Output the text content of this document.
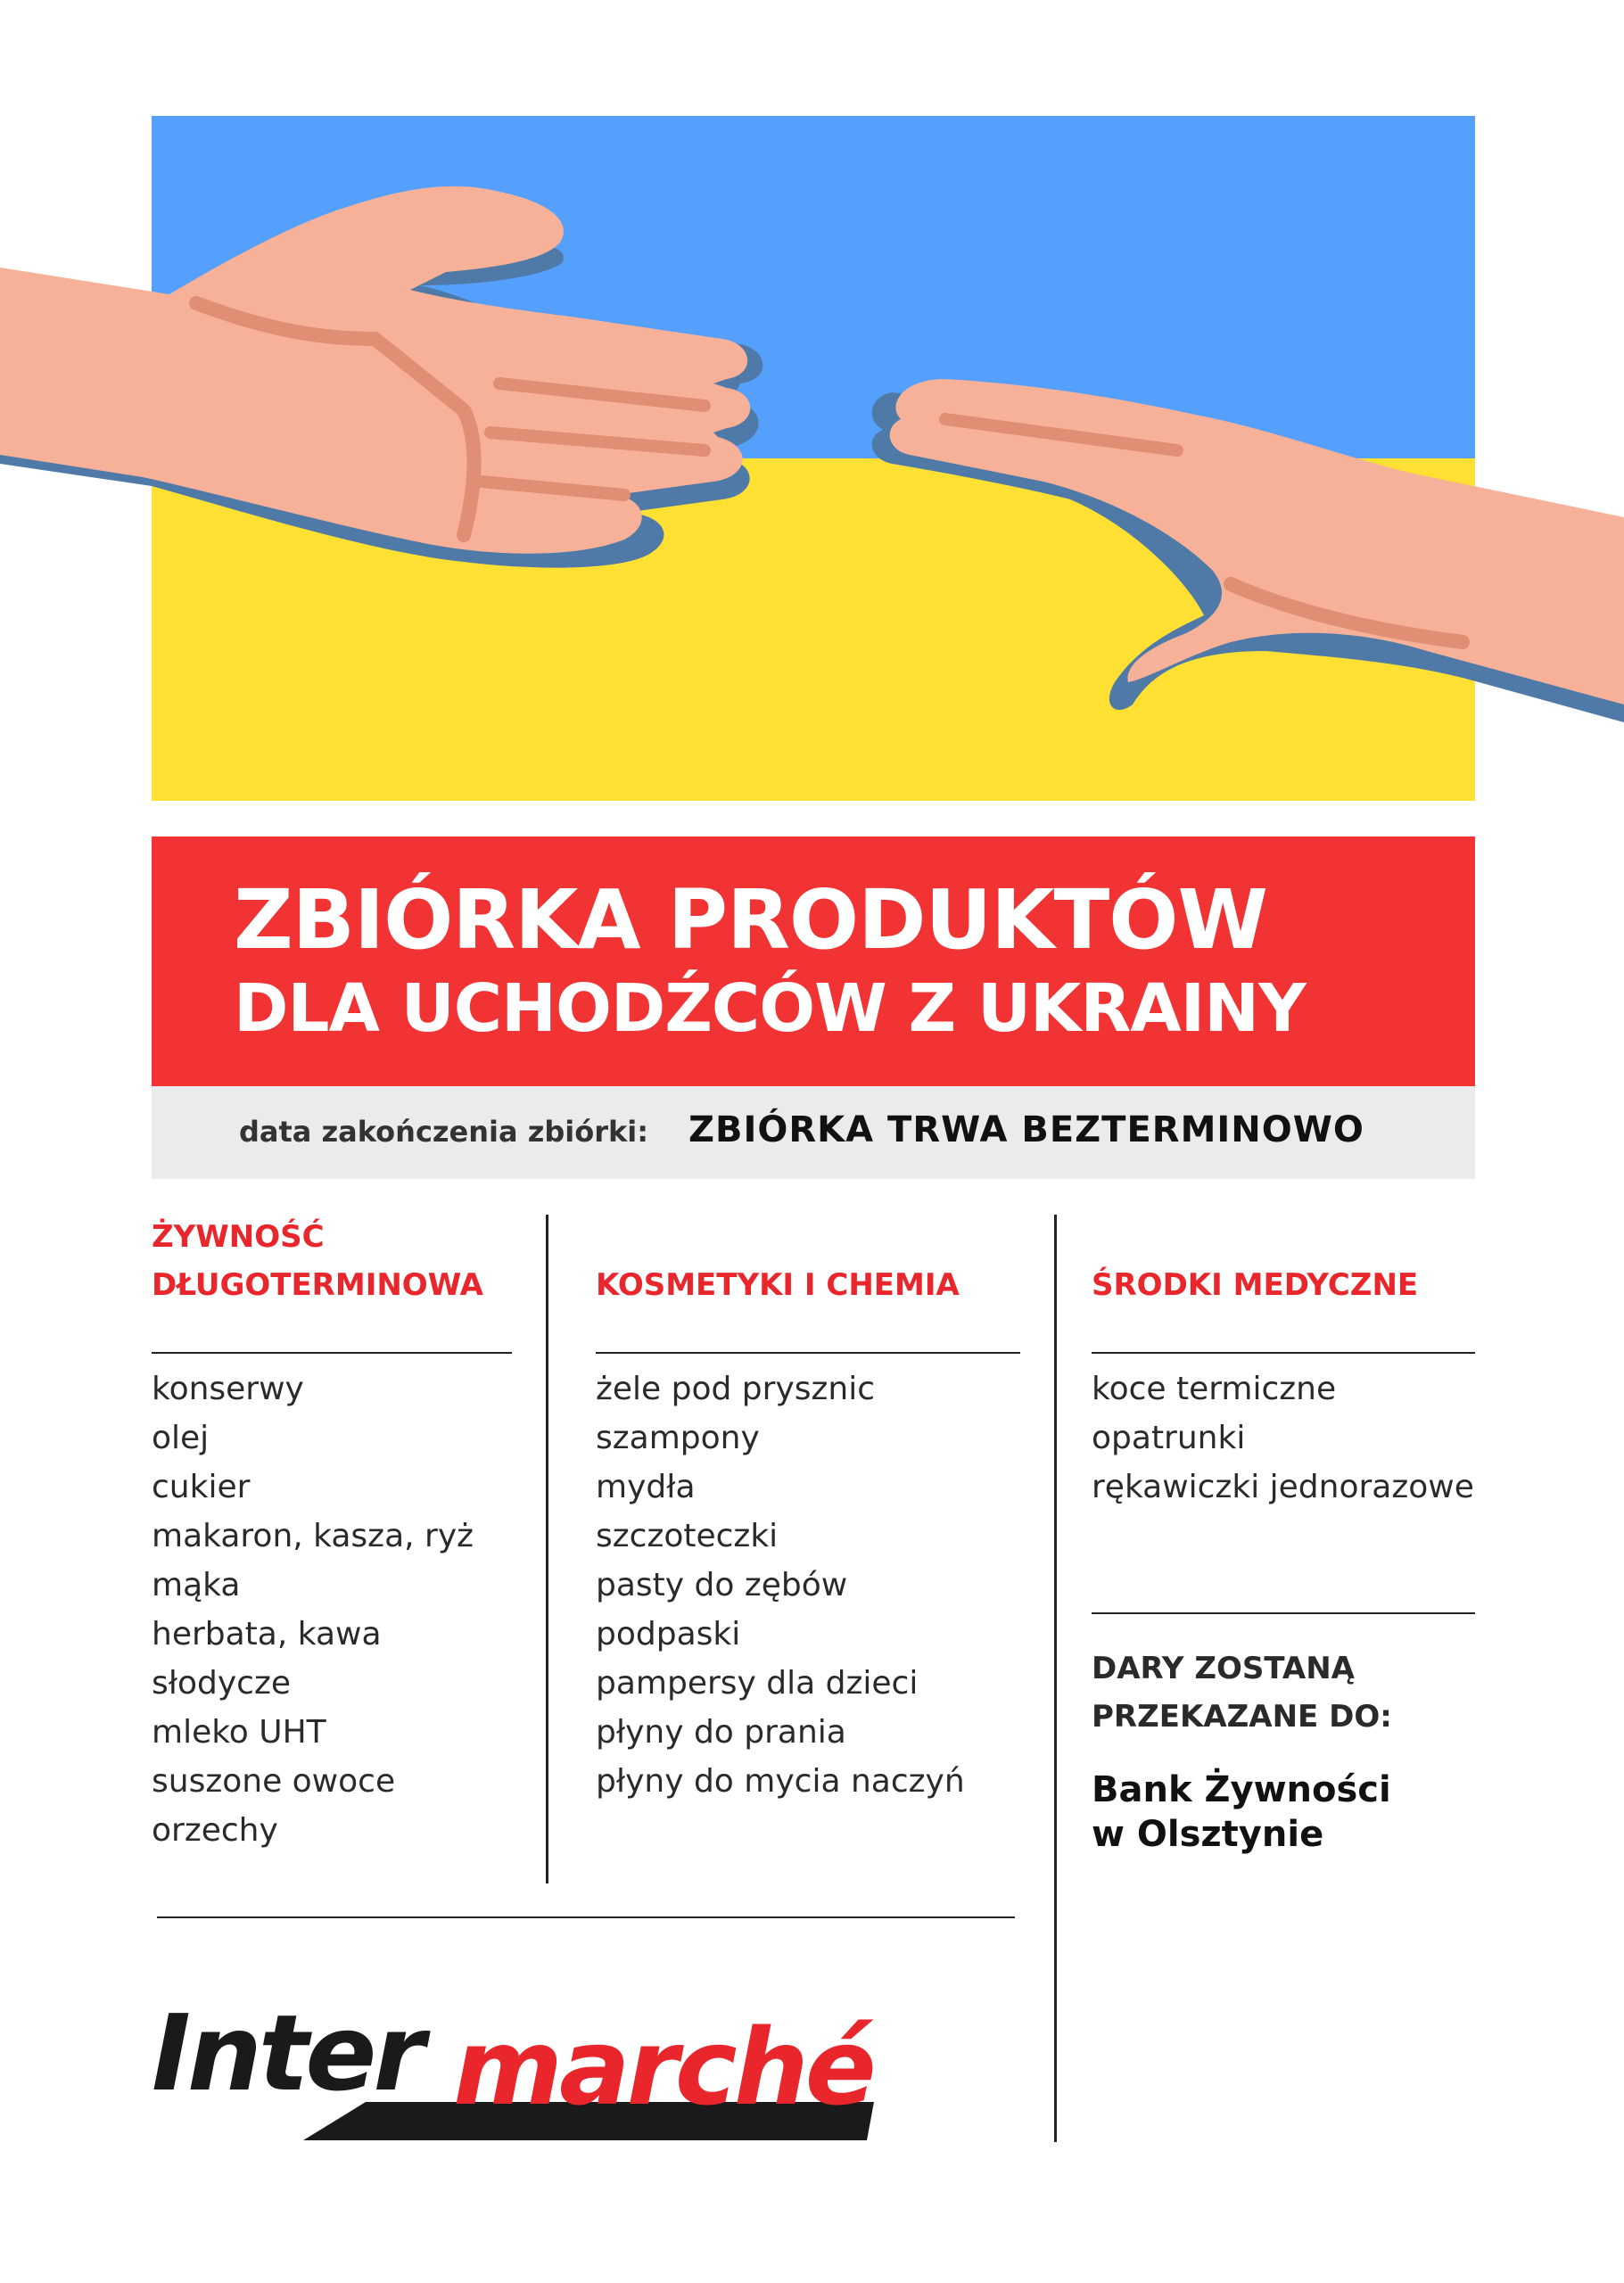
ZBIÓRKA PRODUKTÓW
DLA UCHODŹCÓW Z UKRAINY
data zakończenia zbiórki: ZBIÓRKA TRWA BEZTERMINOWO
ŻYWNOŚĆ
DŁUGOTERMINOWA
konserwy
olej
cukier
makaron, kasza, ryż
mąka
herbata, kawa
słodycze
mleko UHT
suszone owoce
orzechy
KOSMETYKI I CHEMIA
żele pod prysznic
szampony
mydła
szczoteczki
pasty do zębów
podpaski
pampersy dla dzieci
płyny do prania
płyny do mycia naczyń
ŚRODKI MEDYCZNE
koce termiczne
opatrunki
rękawiczki jednorazowe
DARY ZOSTANĄ
PRZEKAZANE DO:
Bank Żywności
w Olsztynie
Inter marché
